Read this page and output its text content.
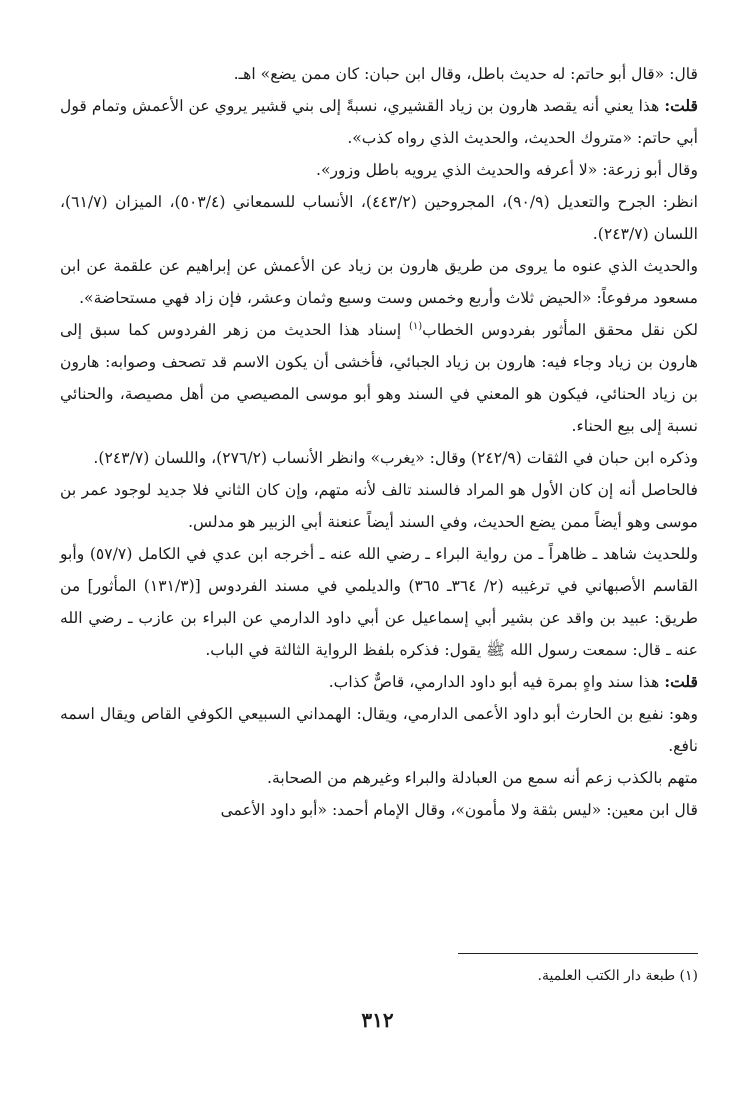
قال: «قال أبو حاتم: له حديث باطل، وقال ابن حبان: كان ممن يضع» اهـ.

قلت: هذا يعني أنه يقصد هارون بن زياد القشيري، نسبةً إلى بني قشير يروي عن الأعمش وتمام قول أبي حاتم: «متروك الحديث، والحديث الذي رواه كذب».

وقال أبو زرعة: «لا أعرفه والحديث الذي يرويه باطل وزور».

انظر: الجرح والتعديل (٩٠/٩)، المجروحين (٤٤٣/٢)، الأنساب للسمعاني (٥٠٣/٤)، الميزان (٦١/٧)، اللسان (٢٤٣/٧).

والحديث الذي عنوه ما يروى من طريق هارون بن زياد عن الأعمش عن إبراهيم عن علقمة عن ابن مسعود مرفوعاً: «الحيض ثلاث وأربع وخمس وست وسبع وثمان وعشر، فإن زاد فهي مستحاضة».

لكن نقل محقق المأثور بفردوس الخطاب$^{(١)}$ إسناد هذا الحديث من زهر الفردوس كما سبق إلى هارون بن زياد وجاء فيه: هارون بن زياد الجبائي، فأخشى أن يكون الاسم قد تصحف وصوابه: هارون بن زياد الحنائي، فيكون هو المعني في السند وهو أبو موسى المصيصي من أهل مصيصة، والحنائي نسبة إلى بيع الحناء.

وذكره ابن حبان في الثقات (٢٤٢/٩) وقال: «يغرب» وانظر الأنساب (٢٧٦/٢)، واللسان (٢٤٣/٧).

فالحاصل أنه إن كان الأول هو المراد فالسند تالف لأنه متهم، وإن كان الثاني فلا جديد لوجود عمر بن موسى وهو أيضاً ممن يضع الحديث، وفي السند أيضاً عنعنة أبي الزبير هو مدلس.

وللحديث شاهد ـ ظاهراً ـ من رواية البراء ـ رضي الله عنه ـ أخرجه ابن عدي في الكامل (٥٧/٧) وأبو القاسم الأصبهاني في ترغيبه (٢/ ٣٦٤ـ ٣٦٥) والديلمي في مسند الفردوس [(١٣١/٣) المأثور] من طريق: عبيد بن واقد عن بشير أبي إسماعيل عن أبي داود الدارمي عن البراء بن عازب ـ رضي الله عنه ـ قال: سمعت رسول الله ﷺ يقول: فذكره بلفظ الرواية الثالثة في الباب.

قلت: هذا سند واهٍ بمرة فيه أبو داود الدارمي، قاصٌّ كذاب.

وهو: نفيع بن الحارث أبو داود الأعمى الدارمي، ويقال: الهمداني السبيعي الكوفي القاص ويقال اسمه نافع.

متهم بالكذب زعم أنه سمع من العبادلة والبراء وغيرهم من الصحابة.

قال ابن معين: «ليس بثقة ولا مأمون»، وقال الإمام أحمد: «أبو داود الأعمى

(١) طبعة دار الكتب العلمية.
٣١٢
